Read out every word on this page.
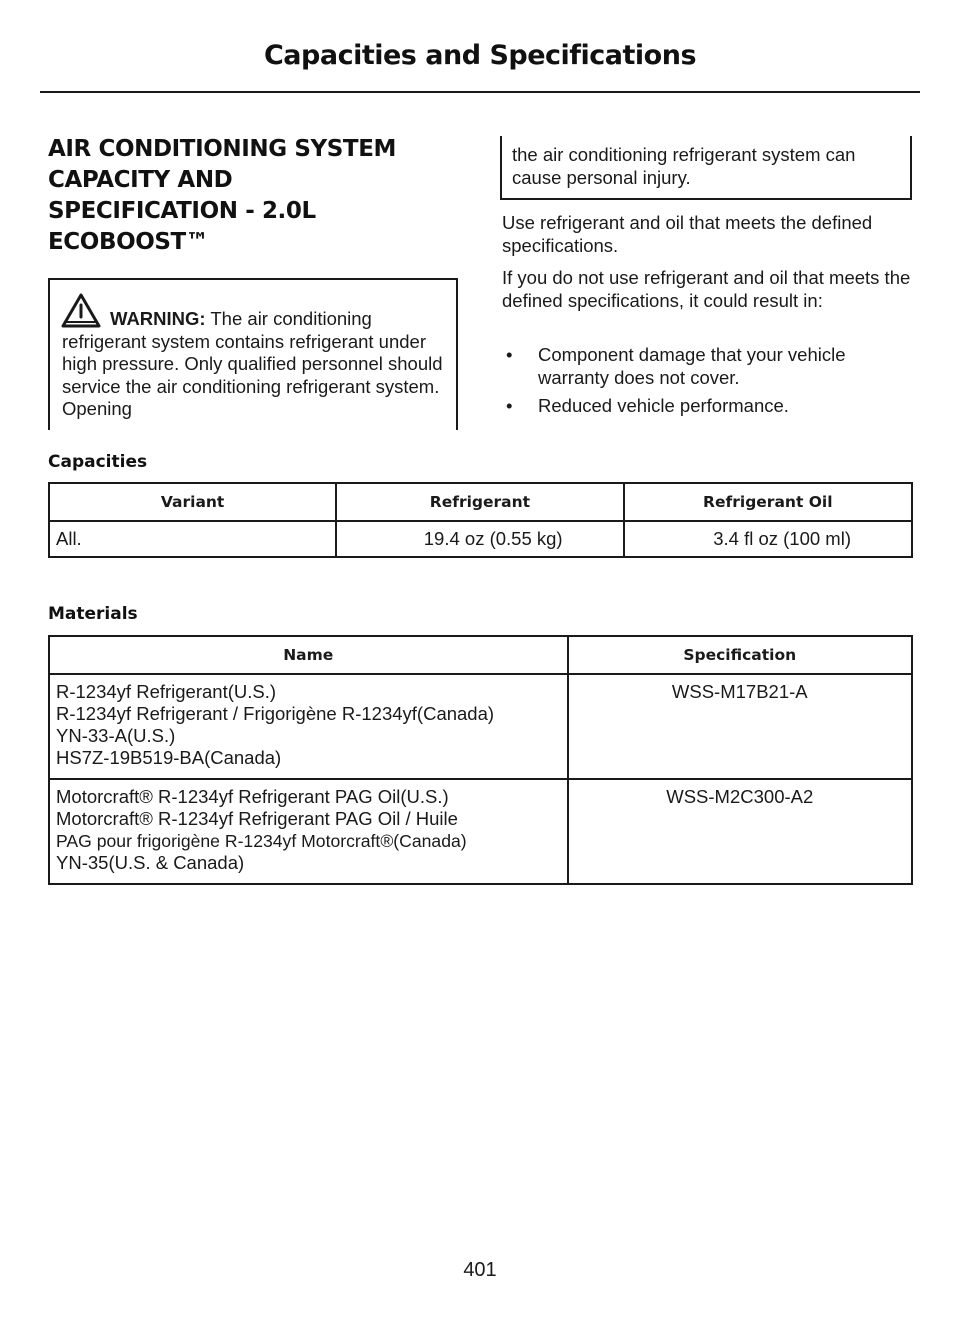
Capacities and Specifications
AIR CONDITIONING SYSTEM
CAPACITY AND
SPECIFICATION - 2.0L
ECOBOOST™
WARNING: The air conditioning refrigerant system contains refrigerant under high pressure. Only qualified personnel should service the air conditioning refrigerant system. Opening
the air conditioning refrigerant system can cause personal injury.
Use refrigerant and oil that meets the defined specifications.
If you do not use refrigerant and oil that meets the defined specifications, it could result in:
• Component damage that your vehicle warranty does not cover.
• Reduced vehicle performance.
Capacities
Variant	Refrigerant	Refrigerant Oil
All.	19.4 oz (0.55 kg)	3.4 fl oz (100 ml)
Materials
Name	Specification

R-1234yf Refrigerant(U.S.)
R-1234yf Refrigerant / Frigorigène R-1234yf(Canada)
YN-33-A(U.S.)
HS7Z-19B519-BA(Canada)	WSS-M17B21-A

Motorcraft® R-1234yf Refrigerant PAG Oil(U.S.)
Motorcraft® R-1234yf Refrigerant PAG Oil / Huile
PAG pour frigorigène R-1234yf Motorcraft®(Canada)
YN-35(U.S. & Canada)	WSS-M2C300-A2
401
